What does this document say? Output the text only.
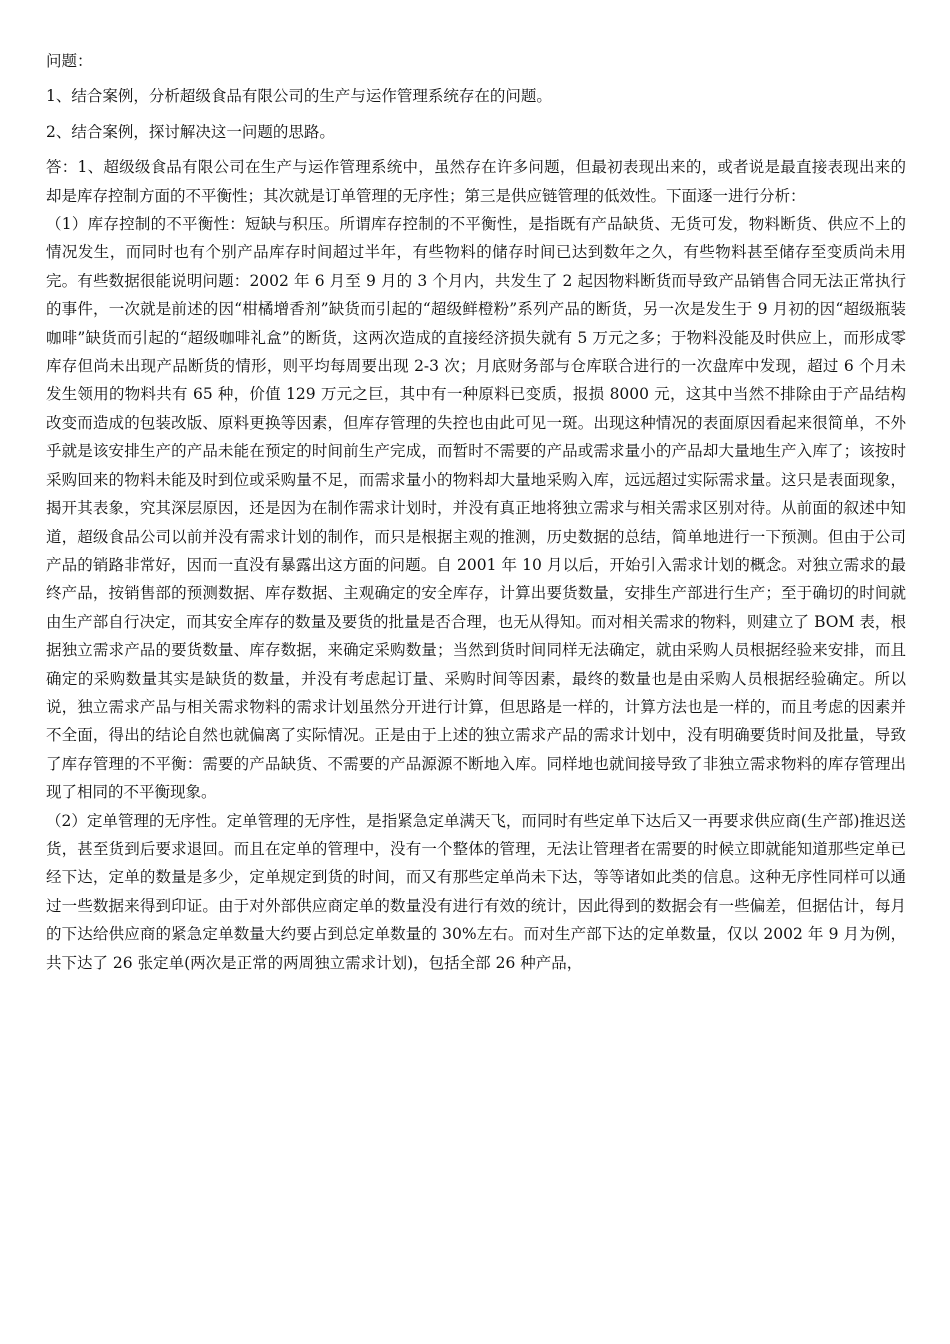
问题：

1、结合案例，分析超级食品有限公司的生产与运作管理系统存在的问题。

2、结合案例，探讨解决这一问题的思路。

答：1、超级级食品有限公司在生产与运作管理系统中，虽然存在许多问题，但最初表现出来的，或者说是最直接表现出来的却是库存控制方面的不平衡性；其次就是订单管理的无序性；第三是供应链管理的低效性。下面逐一进行分析：

（1）库存控制的不平衡性：短缺与积压。所谓库存控制的不平衡性，是指既有产品缺货、无货可发，物料断货、供应不上的情况发生，而同时也有个别产品库存时间超过半年，有些物料的储存时间已达到数年之久，有些物料甚至储存至变质尚未用完。有些数据很能说明问题：2002 年 6 月至 9 月的 3 个月内，共发生了 2 起因物料断货而导致产品销售合同无法正常执行的事件，一次就是前述的因“柑橘增香剂”缺货而引起的“超级鲜橙粉”系列产品的断货，另一次是发生于 9 月初的因“超级瓶装咖啡”缺货而引起的“超级咖啡礼盒”的断货，这两次造成的直接经济损失就有 5 万元之多；于物料没能及时供应上，而形成零库存但尚未出现产品断货的情形，则平均每周要出现 2-3 次；月底财务部与仓库联合进行的一次盘库中发现，超过 6 个月未发生领用的物料共有 65 种，价值 129 万元之巨，其中有一种原料已变质，报损 8000 元，这其中当然不排除由于产品结构改变而造成的包装改版、原料更换等因素，但库存管理的失控也由此可见一斑。出现这种情况的表面原因看起来很简单，不外乎就是该安排生产的产品未能在预定的时间前生产完成，而暂时不需要的产品或需求量小的产品却大量地生产入库了；该按时采购回来的物料未能及时到位或采购量不足，而需求量小的物料却大量地采购入库，远远超过实际需求量。这只是表面现象，揭开其表象，究其深层原因，还是因为在制作需求计划时，并没有真正地将独立需求与相关需求区别对待。从前面的叙述中知道，超级食品公司以前并没有需求计划的制作，而只是根据主观的推测，历史数据的总结，简单地进行一下预测。但由于公司产品的销路非常好，因而一直没有暴露出这方面的问题。自 2001 年 10 月以后，开始引入需求计划的概念。对独立需求的最终产品，按销售部的预测数据、库存数据、主观确定的安全库存，计算出要货数量，安排生产部进行生产；至于确切的时间就由生产部自行决定，而其安全库存的数量及要货的批量是否合理，也无从得知。而对相关需求的物料，则建立了 BOM 表，根据独立需求产品的要货数量、库存数据，来确定采购数量；当然到货时间同样无法确定，就由采购人员根据经验来安排，而且确定的采购数量其实是缺货的数量，并没有考虑起订量、采购时间等因素，最终的数量也是由采购人员根据经验确定。所以说，独立需求产品与相关需求物料的需求计划虽然分开进行计算，但思路是一样的，计算方法也是一样的，而且考虑的因素并不全面，得出的结论自然也就偏离了实际情况。正是由于上述的独立需求产品的需求计划中，没有明确要货时间及批量，导致了库存管理的不平衡：需要的产品缺货、不需要的产品源源不断地入库。同样地也就间接导致了非独立需求物料的库存管理出现了相同的不平衡现象。

（2）定单管理的无序性。定单管理的无序性，是指紧急定单满天飞，而同时有些定单下达后又一再要求供应商(生产部)推迟送货，甚至货到后要求退回。而且在定单的管理中，没有一个整体的管理，无法让管理者在需要的时候立即就能知道那些定单已经下达，定单的数量是多少，定单规定到货的时间，而又有那些定单尚未下达，等等诸如此类的信息。这种无序性同样可以通过一些数据来得到印证。由于对外部供应商定单的数量没有进行有效的统计，因此得到的数据会有一些偏差，但据估计，每月的下达给供应商的紧急定单数量大约要占到总定单数量的 30%左右。而对生产部下达的定单数量，仅以 2002 年 9 月为例，共下达了 26 张定单(两次是正常的两周独立需求计划)，包括全部 26 种产品，
